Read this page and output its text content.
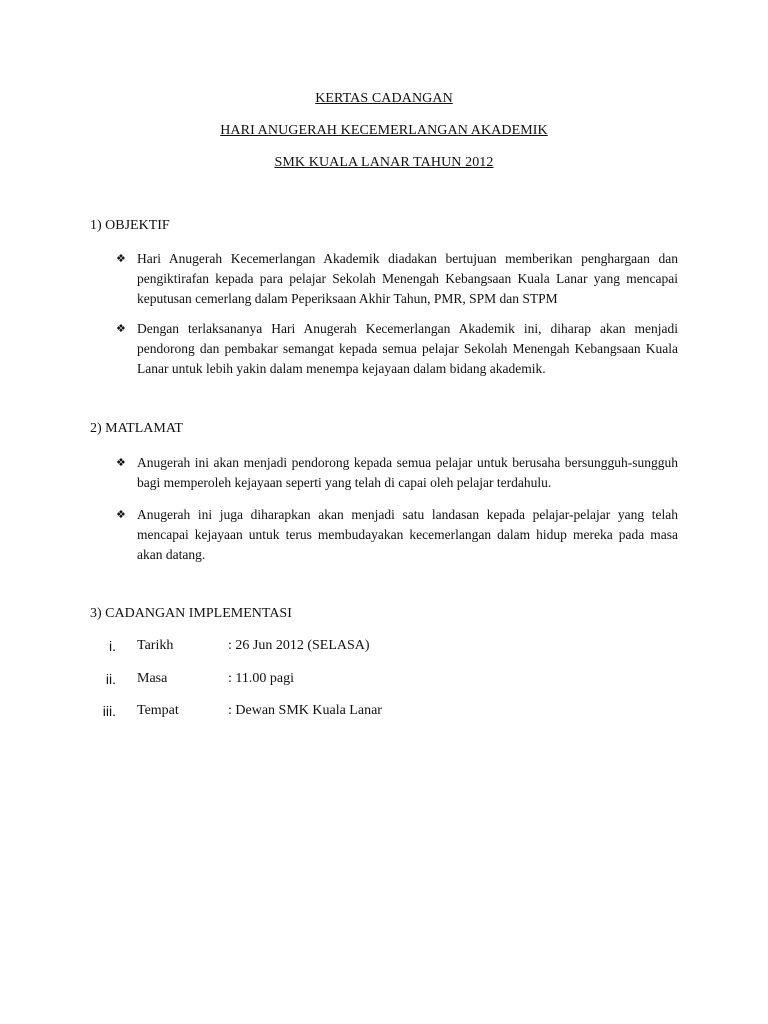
KERTAS CADANGAN
HARI ANUGERAH KECEMERLANGAN AKADEMIK
SMK KUALA LANAR TAHUN 2012
1) OBJEKTIF
❖ Hari Anugerah Kecemerlangan Akademik diadakan bertujuan memberikan penghargaan dan pengiktirafan kepada para pelajar Sekolah Menengah Kebangsaan Kuala Lanar yang mencapai keputusan cemerlang dalam Peperiksaan Akhir Tahun, PMR, SPM dan STPM
❖ Dengan terlaksananya Hari Anugerah Kecemerlangan Akademik ini, diharap akan menjadi pendorong dan pembakar semangat kepada semua pelajar Sekolah Menengah Kebangsaan Kuala Lanar untuk lebih yakin dalam menempa kejayaan dalam bidang akademik.
2) MATLAMAT
❖ Anugerah ini akan menjadi pendorong kepada semua pelajar untuk berusaha bersungguh-sungguh bagi memperoleh kejayaan seperti yang telah di capai oleh pelajar terdahulu.
❖ Anugerah ini juga diharapkan akan menjadi satu landasan kepada pelajar-pelajar yang telah mencapai kejayaan untuk terus membudayakan kecemerlangan dalam hidup mereka pada masa akan datang.
3) CADANGAN IMPLEMENTASI
i. Tarikh	: 26 Jun 2012 (SELASA)
ii. Masa	: 11.00 pagi
iii. Tempat	: Dewan SMK Kuala Lanar
